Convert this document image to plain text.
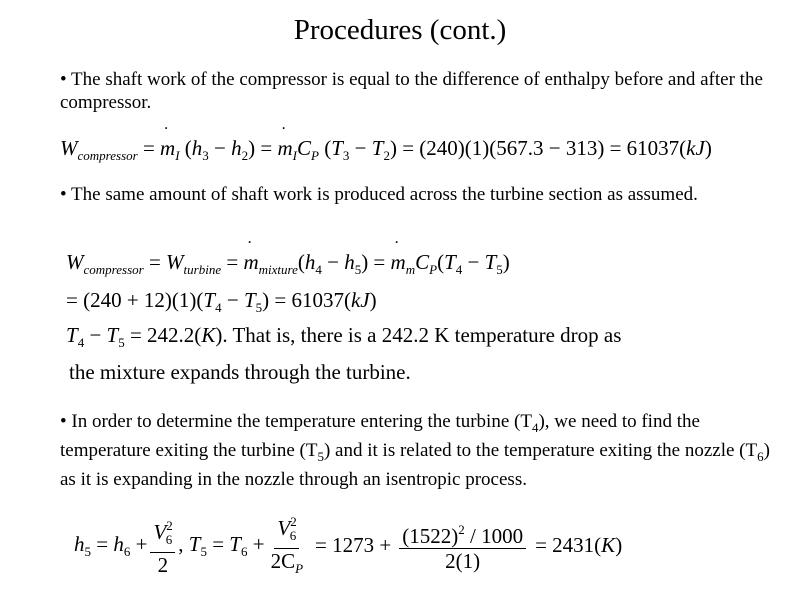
Procedures (cont.)
• The shaft work of the compressor is equal to the difference of enthalpy before and after the compressor.
$W_{compressor}$ = ˙ $m_I$ $(h_3 - h_2)$ = ˙ $m_IC_P$ $(T_3 - T_2) = (240)(1)(567.3 - 313) = 61037(kJ)$
• The same amount of shaft work is produced across the turbine section as assumed.
$W_{compressor} = W_{turbine}$ = ˙ $m_{mixture}(h_4 - h_5)$ = ˙ $m_mC_P(T_4 - T_5)$
= $(240 + 12)(1)(T_4 - T_5) = 61037(kJ)$
$T_4 - T_5 = 242.2(K)$. That is, there is a 242.2 K temperature drop as
the mixture expands through the turbine.
• In order to determine the temperature entering the turbine $(T_4)$, we need to find the temperature exiting the turbine $(T_5)$ and it is related to the temperature exiting the nozzle $(T_6)$ as it is expanding in the nozzle through an isentropic process.
$h_5 = h_6 + \frac{V^2_6}{2}$ , $T_5 = T_6 + \frac{V^2_6}{2C_P} = 1273 + \frac{(1522)^2 / 1000}{2(1)} = 2431(K)$
